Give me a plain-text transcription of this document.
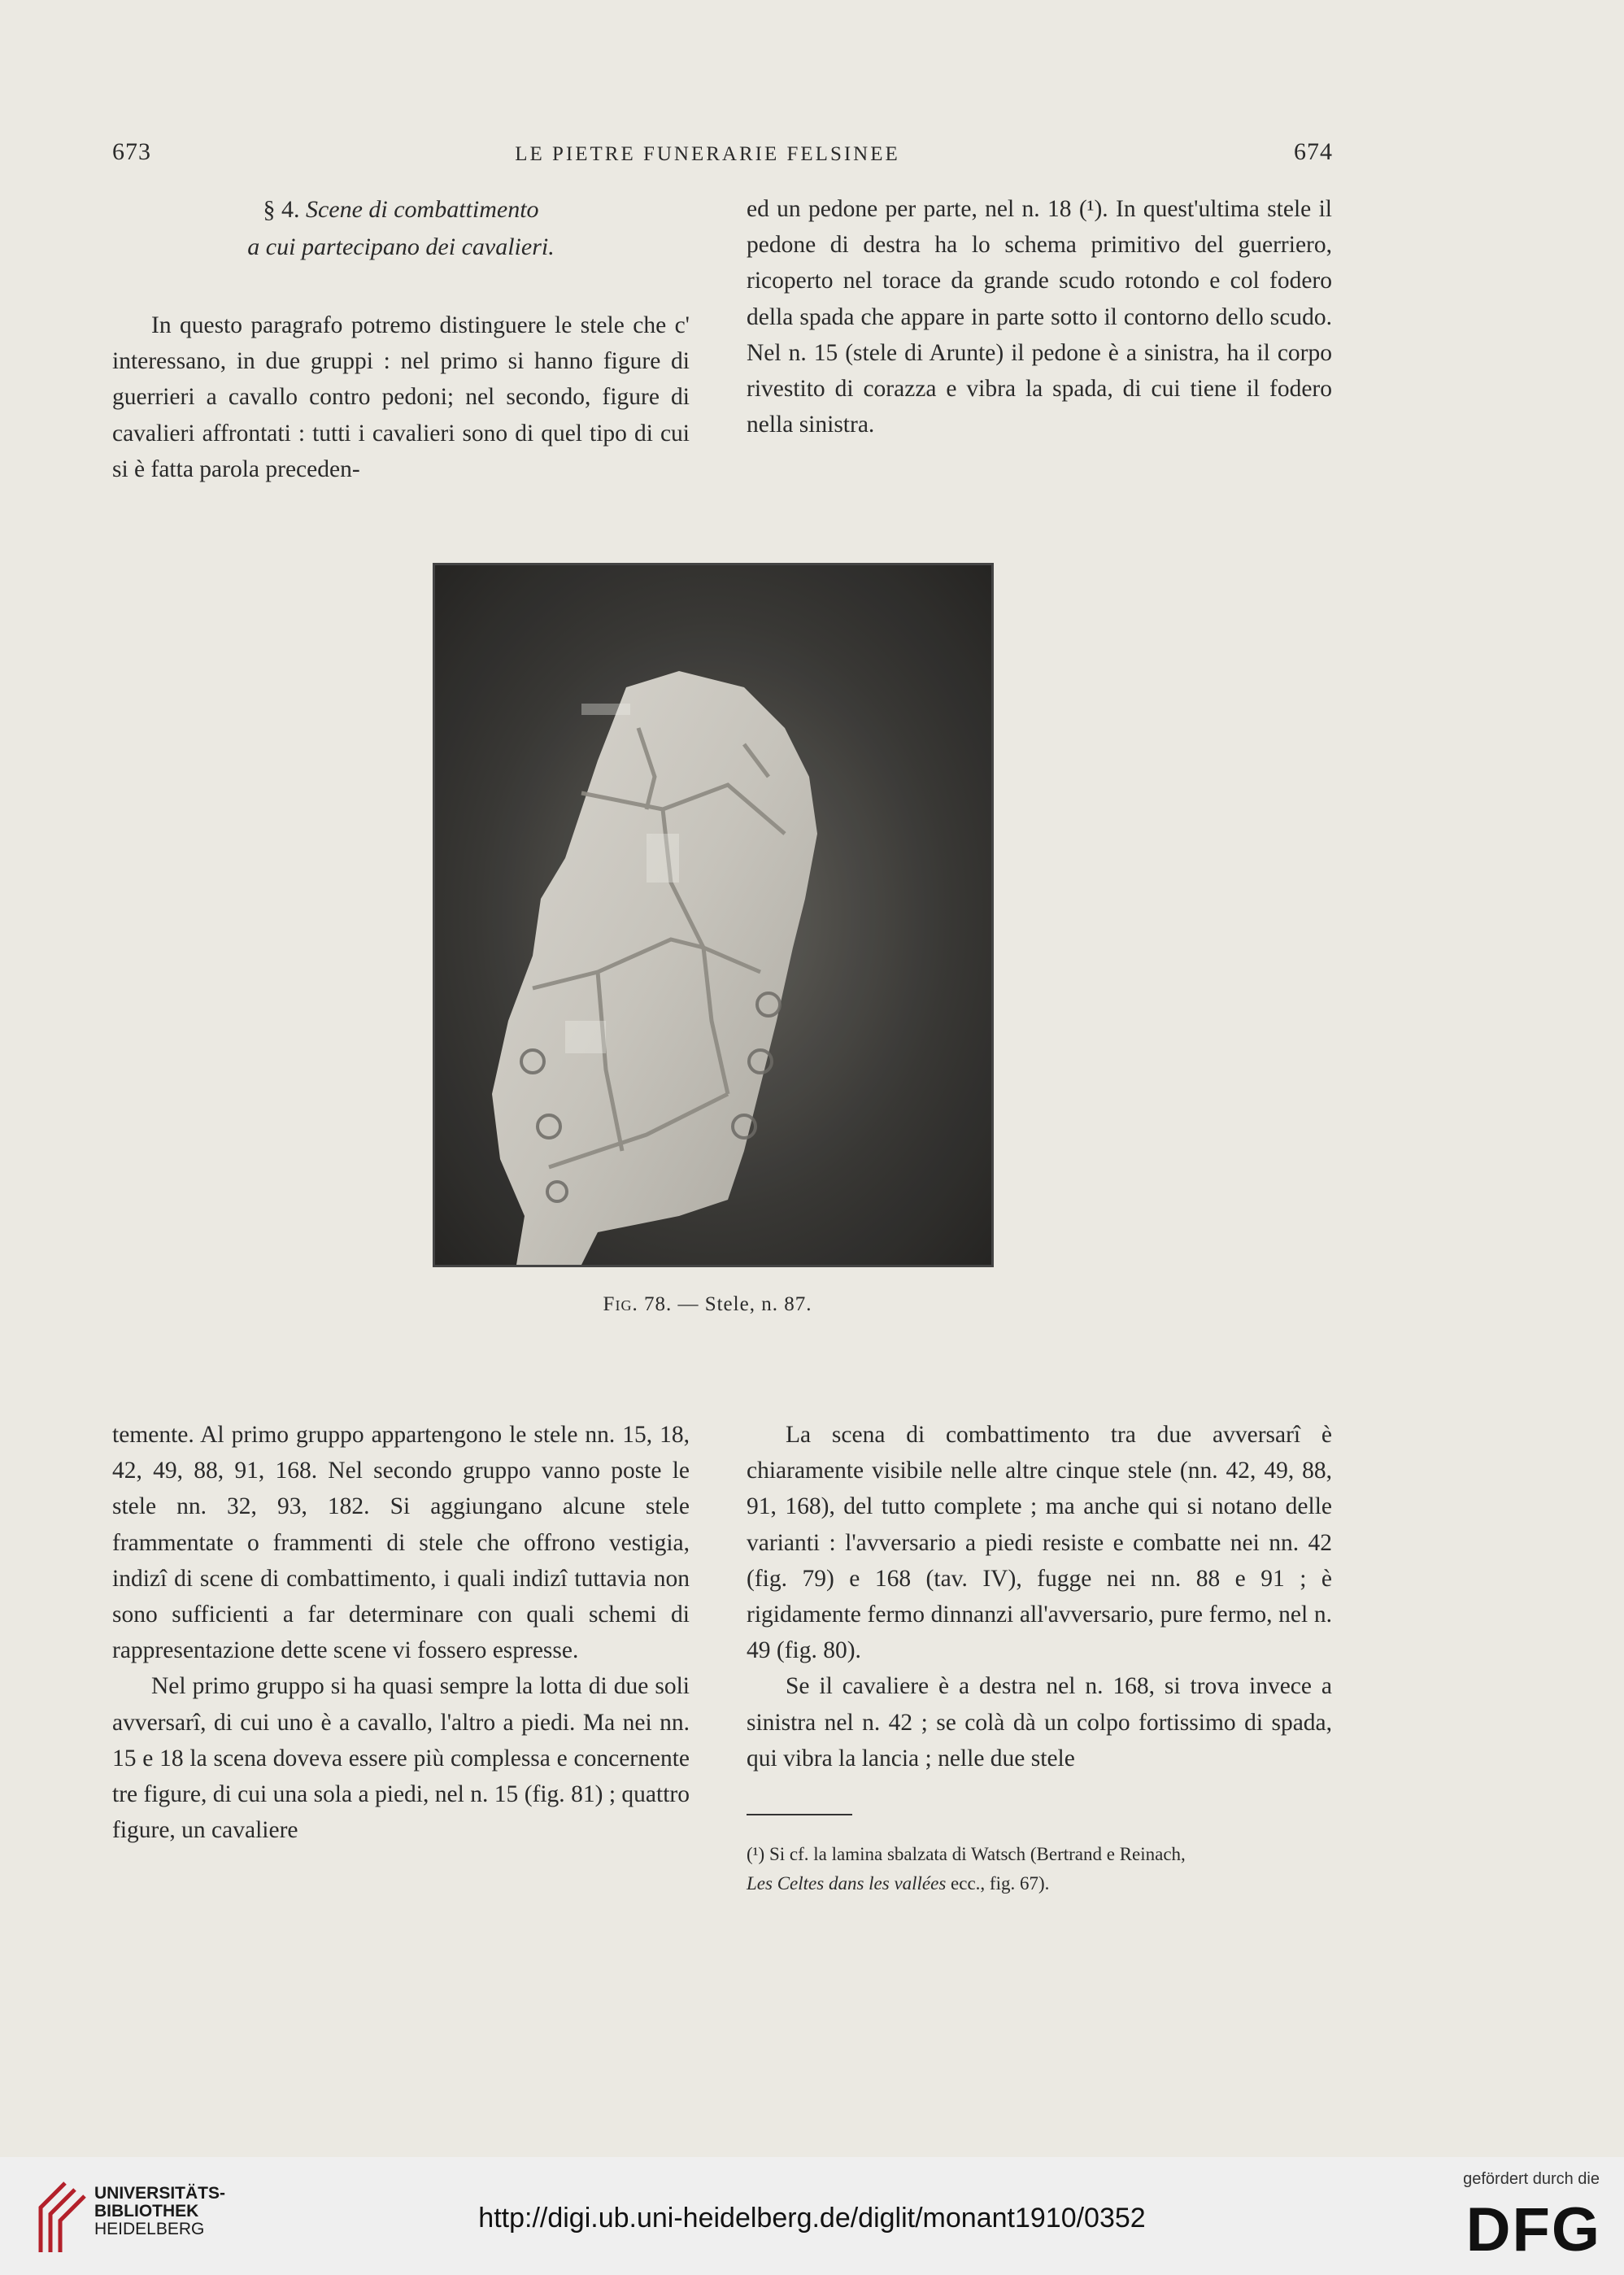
673	LE PIETRE FUNERARIE FELSINEE	674
§ 4. Scene di combattimento
a cui partecipano dei cavalieri.

In questo paragrafo potremo distinguere le stele che c' interessano, in due gruppi : nel primo si hanno figure di guerrieri a cavallo contro pedoni; nel secondo, figure di cavalieri affrontati : tutti i cavalieri sono di quel tipo di cui si è fatta parola preceden-

ed un pedone per parte, nel n. 18 (¹). In quest'ultima stele il pedone di destra ha lo schema primitivo del guerriero, ricoperto nel torace da grande scudo rotondo e col fodero della spada che appare in parte sotto il contorno dello scudo. Nel n. 15 (stele di Arunte) il pedone è a sinistra, ha il corpo rivestito di corazza e vibra la spada, di cui tiene il fodero nella sinistra.

Fig. 78. — Stele, n. 87.

temente. Al primo gruppo appartengono le stele nn. 15, 18, 42, 49, 88, 91, 168. Nel secondo gruppo vanno poste le stele nn. 32, 93, 182. Si aggiungano alcune stele frammentate o frammenti di stele che offrono vestigia, indizî di scene di combattimento, i quali indizî tuttavia non sono sufficienti a far determinare con quali schemi di rappresentazione dette scene vi fossero espresse.

Nel primo gruppo si ha quasi sempre la lotta di due soli avversarî, di cui uno è a cavallo, l'altro a piedi. Ma nei nn. 15 e 18 la scena doveva essere più complessa e concernente tre figure, di cui una sola a piedi, nel n. 15 (fig. 81) ; quattro figure, un cavaliere

La scena di combattimento tra due avversarî è chiaramente visibile nelle altre cinque stele (nn. 42, 49, 88, 91, 168), del tutto complete ; ma anche qui si notano delle varianti : l'avversario a piedi resiste e combatte nei nn. 42 (fig. 79) e 168 (tav. IV), fugge nei nn. 88 e 91 ; è rigidamente fermo dinnanzi all'avversario, pure fermo, nel n. 49 (fig. 80).

Se il cavaliere è a destra nel n. 168, si trova invece a sinistra nel n. 42 ; se colà dà un colpo fortissimo di spada, qui vibra la lancia ; nelle due stele

(¹) Si cf. la lamina sbalzata di Watsch (Bertrand e Reinach,
Les Celtes dans les vallées ecc., fig. 67).
UNIVERSITÄTS-
BIBLIOTHEK
HEIDELBERG	http://digi.ub.uni-heidelberg.de/diglit/monant1910/0352
gefördert durch die
DFG
